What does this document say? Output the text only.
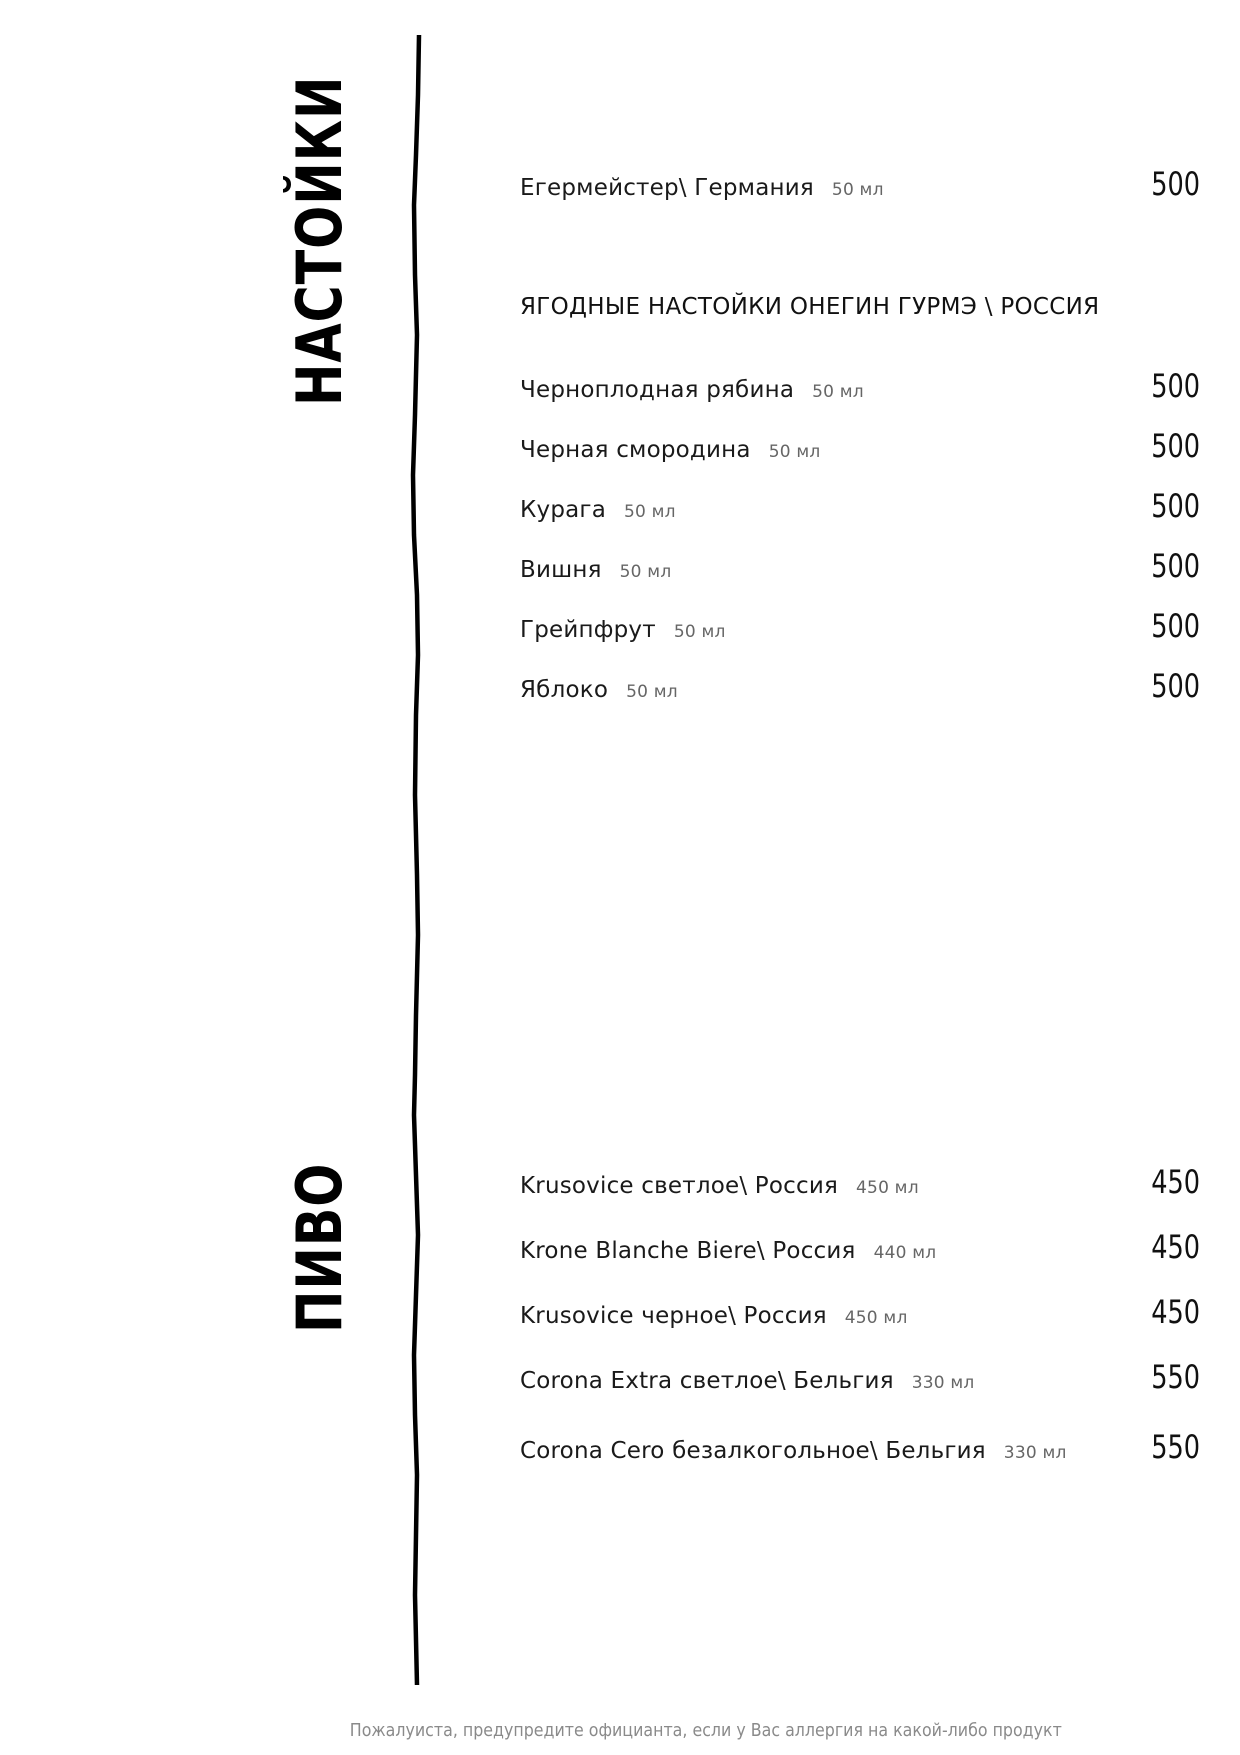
НАСТОЙКИ
ПИВО
Егермейстер\ Германия 50 мл	500
ЯГОДНЫЕ НАСТОЙКИ ОНЕГИН ГУРМЭ \ РОССИЯ
Черноплодная рябина 50 мл	500
Черная смородина 50 мл	500
Курага 50 мл	500
Вишня 50 мл	500
Грейпфрут 50 мл	500
Яблоко 50 мл	500
Krusovice светлое\ Россия 450 мл	450
Krone Blanche Biere\ Россия 440 мл	450
Krusovice черное\ Россия 450 мл	450
Corona Extra светлое\ Бельгия 330 мл	550
Corona Cero безалкогольное\ Бельгия 330 мл	550
Пожалуиста, предупредите официанта, если у Вас аллергия на какой-либо продукт
